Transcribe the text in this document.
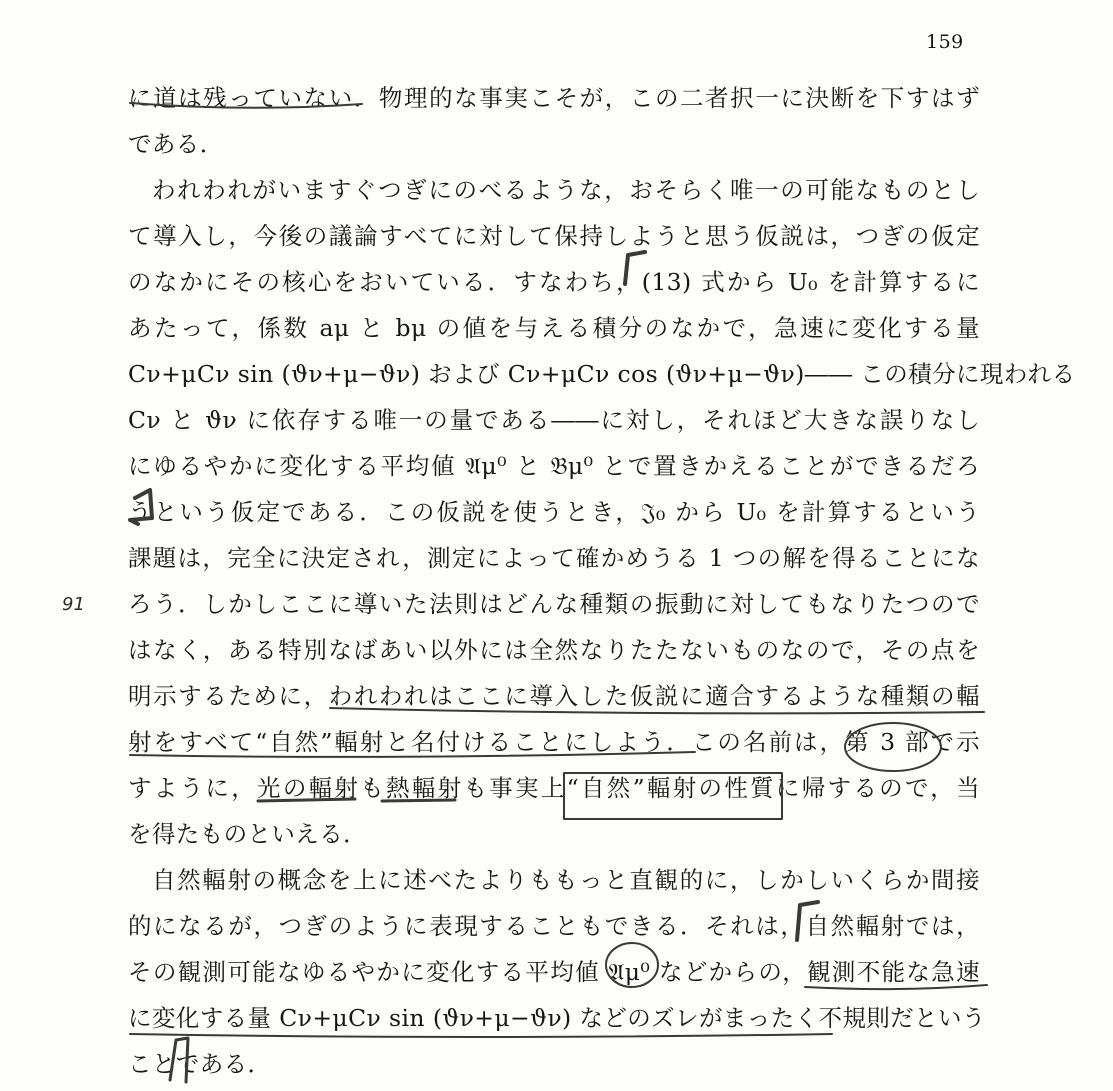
159
91
に道は残っていない．物理的な事実こそが，この二者択一に決断を下すはず
である．
われわれがいますぐつぎにのべるような，おそらく唯一の可能なものとし
て導入し，今後の議論すべてに対して保持しようと思う仮説は，つぎの仮定
のなかにその核心をおいている．すなわち，(13) 式から U₀ を計算するに
あたって，係数 aμ と bμ の値を与える積分のなかで，急速に変化する量
Cν+μCν sin (ϑν+μ−ϑν) および Cν+μCν cos (ϑν+μ−ϑν)―― この積分に現われる
Cν と ϑν に依存する唯一の量である――に対し，それほど大きな誤りなし
にゆるやかに変化する平均値 𝔄μ⁰ と 𝔅μ⁰ とで置きかえることができるだろ
うという仮定である．この仮説を使うとき，𝔍₀ から U₀ を計算するという
課題は，完全に決定され，測定によって確かめうる 1 つの解を得ることにな
ろう．しかしここに導いた法則はどんな種類の振動に対してもなりたつので
はなく，ある特別なばあい以外には全然なりたたないものなので，その点を
明示するために，われわれはここに導入した仮説に適合するような種類の輻
射をすべて“自然”輻射と名付けることにしよう．この名前は，第 3 部で示
すように，光の輻射も熱輻射も事実上“自然”輻射の性質に帰するので，当
を得たものといえる．
自然輻射の概念を上に述べたよりももっと直観的に，しかしいくらか間接
的になるが，つぎのように表現することもできる．それは，自然輻射では，
その観測可能なゆるやかに変化する平均値 𝔄μ⁰ などからの，観測不能な急速
に変化する量 Cν+μCν sin (ϑν+μ−ϑν) などのズレがまったく不規則だという
ことである．
